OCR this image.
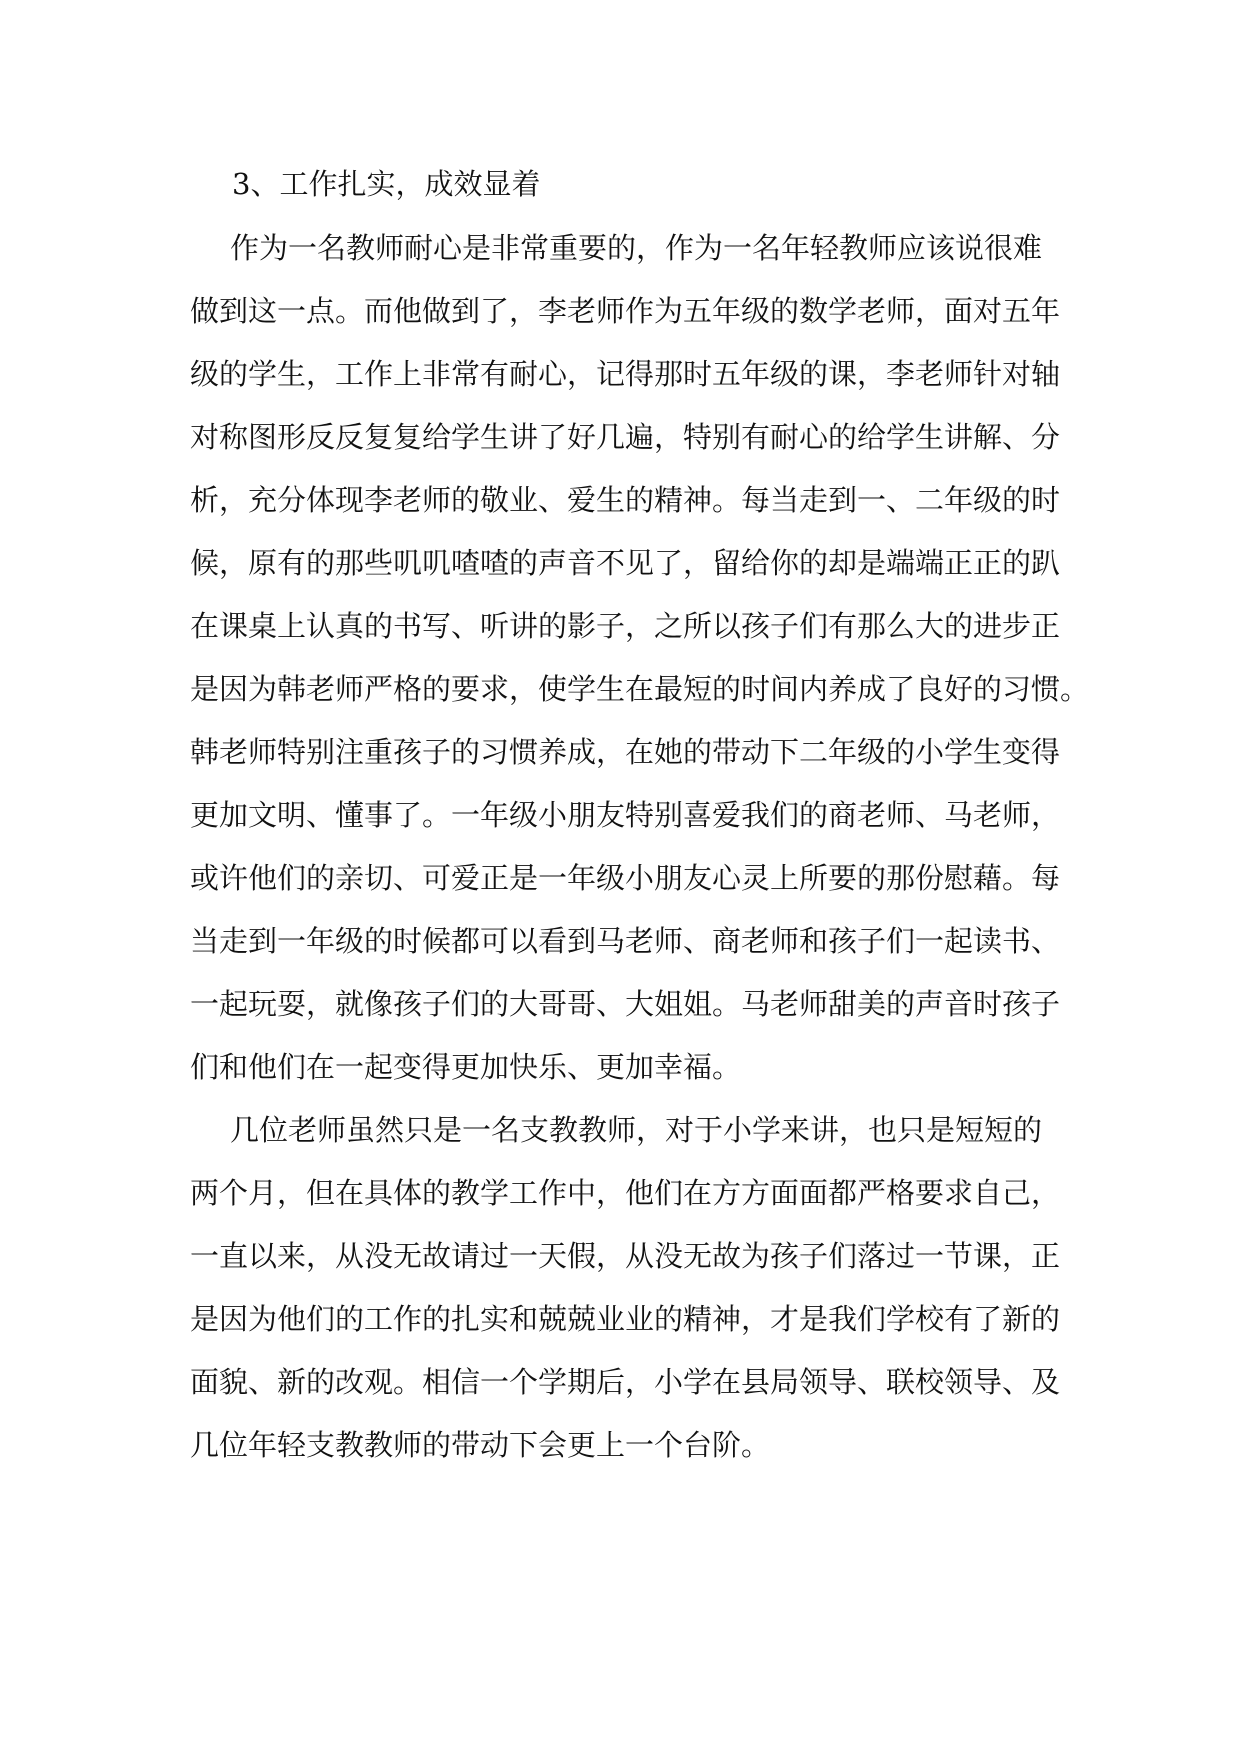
3、工作扎实，成效显着
作为一名教师耐心是非常重要的，作为一名年轻教师应该说很难
做到这一点。而他做到了，李老师作为五年级的数学老师，面对五年
级的学生，工作上非常有耐心，记得那时五年级的课，李老师针对轴
对称图形反反复复给学生讲了好几遍，特别有耐心的给学生讲解、分
析，充分体现李老师的敬业、爱生的精神。每当走到一、二年级的时
候，原有的那些叽叽喳喳的声音不见了，留给你的却是端端正正的趴
在课桌上认真的书写、听讲的影子，之所以孩子们有那么大的进步正
是因为韩老师严格的要求，使学生在最短的时间内养成了良好的习惯。
韩老师特别注重孩子的习惯养成，在她的带动下二年级的小学生变得
更加文明、懂事了。一年级小朋友特别喜爱我们的商老师、马老师，
或许他们的亲切、可爱正是一年级小朋友心灵上所要的那份慰藉。每
当走到一年级的时候都可以看到马老师、商老师和孩子们一起读书、
一起玩耍，就像孩子们的大哥哥、大姐姐。马老师甜美的声音时孩子
们和他们在一起变得更加快乐、更加幸福。
几位老师虽然只是一名支教教师，对于小学来讲，也只是短短的
两个月，但在具体的教学工作中，他们在方方面面都严格要求自己，
一直以来，从没无故请过一天假，从没无故为孩子们落过一节课，正
是因为他们的工作的扎实和兢兢业业的精神，才是我们学校有了新的
面貌、新的改观。相信一个学期后，小学在县局领导、联校领导、及
几位年轻支教教师的带动下会更上一个台阶。
